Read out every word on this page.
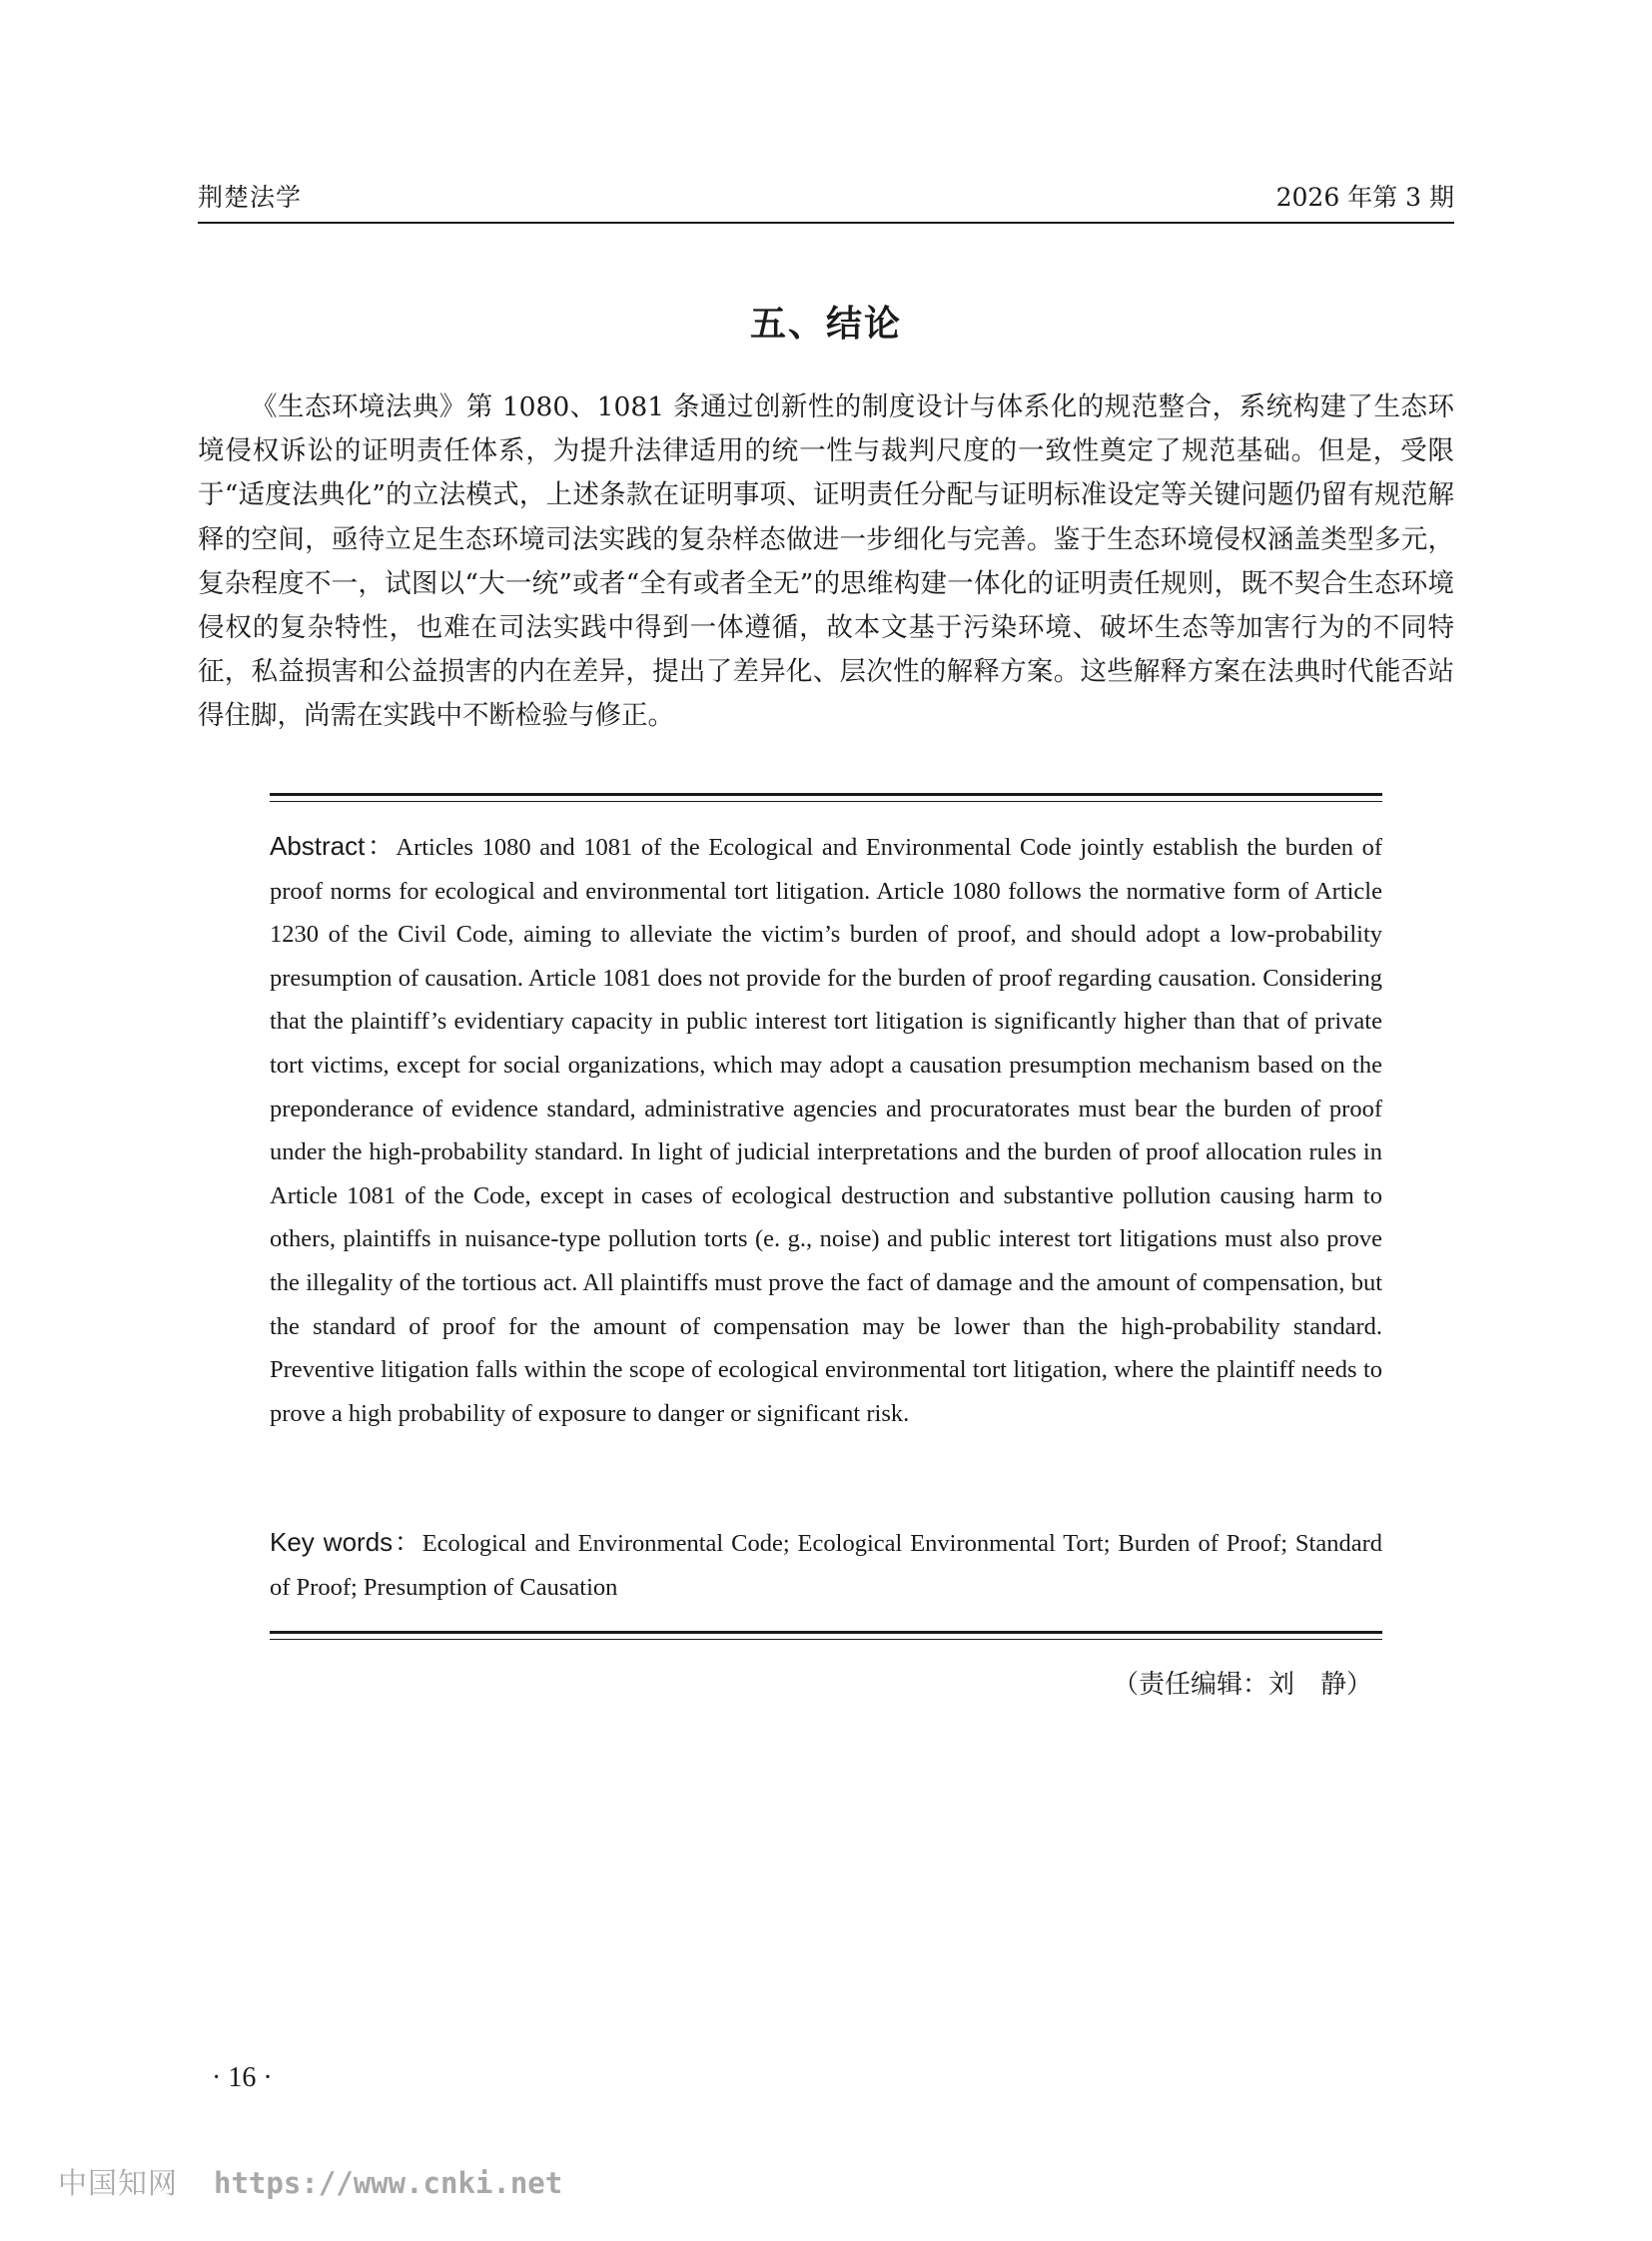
荆楚法学	2026 年第 3 期
五、结论

《生态环境法典》第 1080、1081 条通过创新性的制度设计与体系化的规范整合，系统构建了生态环境侵权诉讼的证明责任体系，为提升法律适用的统一性与裁判尺度的一致性奠定了规范基础。但是，受限于“适度法典化”的立法模式，上述条款在证明事项、证明责任分配与证明标准设定等关键问题仍留有规范解释的空间，亟待立足生态环境司法实践的复杂样态做进一步细化与完善。鉴于生态环境侵权涵盖类型多元，复杂程度不一，试图以“大一统”或者“全有或者全无”的思维构建一体化的证明责任规则，既不契合生态环境侵权的复杂特性，也难在司法实践中得到一体遵循，故本文基于污染环境、破坏生态等加害行为的不同特征，私益损害和公益损害的内在差异，提出了差异化、层次性的解释方案。这些解释方案在法典时代能否站得住脚，尚需在实践中不断检验与修正。

Abstract：Articles 1080 and 1081 of the Ecological and Environmental Code jointly establish the burden of proof norms for ecological and environmental tort litigation. Article 1080 follows the normative form of Article 1230 of the Civil Code, aiming to alleviate the victim’s burden of proof, and should adopt a low-probability presumption of causation. Article 1081 does not provide for the burden of proof regarding causation. Considering that the plaintiff’s evidentiary capacity in public interest tort litigation is significantly higher than that of private tort victims, except for social organizations, which may adopt a causation presumption mechanism based on the preponderance of evidence standard, administrative agencies and procuratorates must bear the burden of proof under the high-probability standard. In light of judicial interpretations and the burden of proof allocation rules in Article 1081 of the Code, except in cases of ecological destruction and substantive pollution causing harm to others, plaintiffs in nuisance-type pollution torts (e. g., noise) and public interest tort litigations must also prove the illegality of the tortious act. All plaintiffs must prove the fact of damage and the amount of compensation, but the standard of proof for the amount of compensation may be lower than the high-probability standard. Preventive litigation falls within the scope of ecological environmental tort litigation, where the plaintiff needs to prove a high probability of exposure to danger or significant risk.

Key words：Ecological and Environmental Code; Ecological Environmental Tort; Burden of Proof; Standard of Proof; Presumption of Causation

（责任编辑：刘　静）
· 16 ·
中国知网 https://www.cnki.net
